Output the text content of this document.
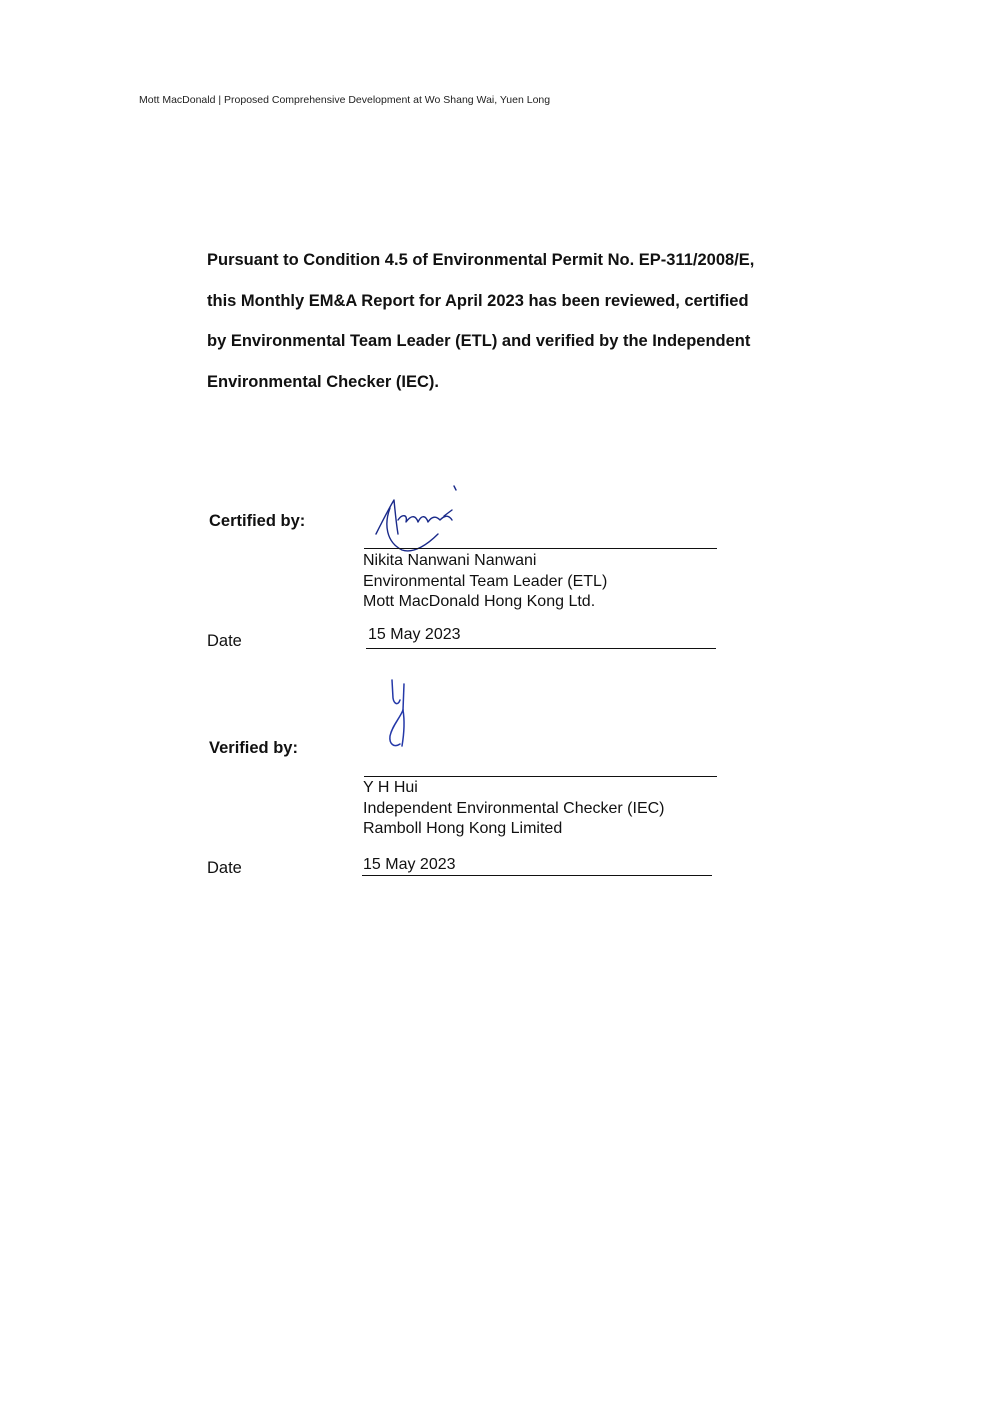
Mott MacDonald | Proposed Comprehensive Development at Wo Shang Wai, Yuen Long

Pursuant to Condition 4.5 of Environmental Permit No. EP-311/2008/E,
this Monthly EM&A Report for April 2023 has been reviewed, certified
by Environmental Team Leader (ETL) and verified by the Independent
Environmental Checker (IEC).

Certified by:
Nikita Nanwani Nanwani
Environmental Team Leader (ETL)
Mott MacDonald Hong Kong Ltd.
Date	15 May 2023
Verified by:
Y H Hui
Independent Environmental Checker (IEC)
Ramboll Hong Kong Limited
Date	15 May 2023
